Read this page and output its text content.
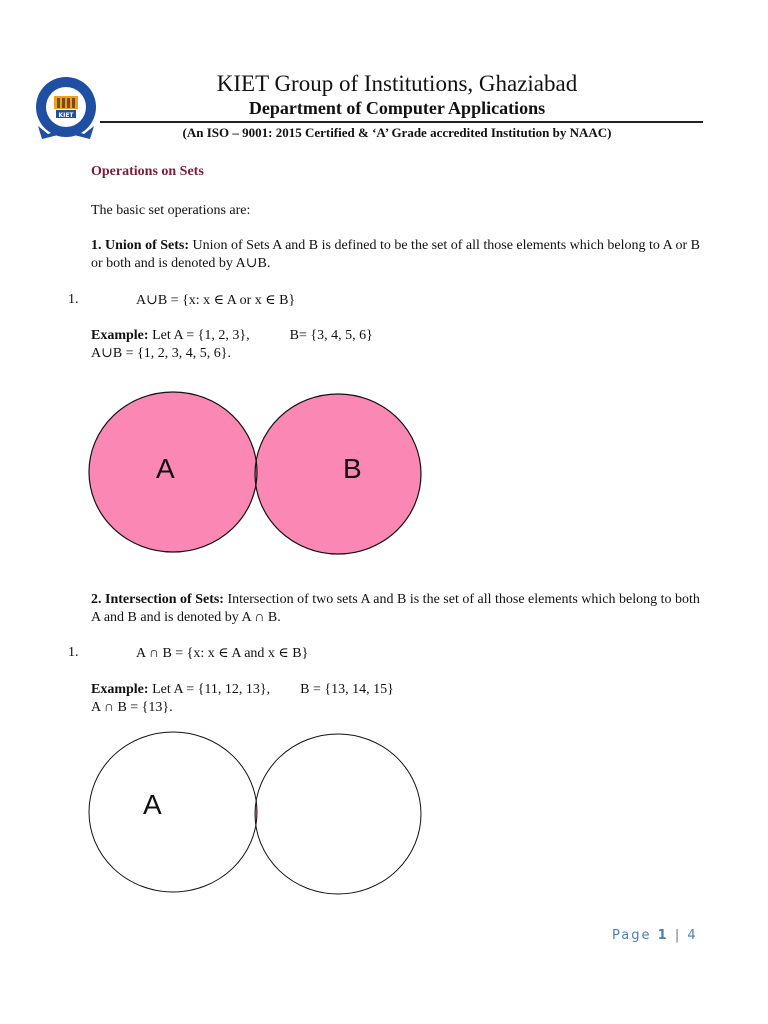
KIET
KIET Group of Institutions, Ghaziabad
Department of Computer Applications
(An ISO – 9001: 2015 Certified & ‘A’ Grade accredited Institution by NAAC)
Operations on Sets
The basic set operations are:
1. Union of Sets: Union of Sets A and B is defined to be the set of all those elements which belong to A or B or both and is denoted by A∪B.
1.	A∪B = {x: x ∈ A or x ∈ B}
Example: Let A = {1, 2, 3},	B= {3, 4, 5, 6}
A∪B = {1, 2, 3, 4, 5, 6}.
A	B
2. Intersection of Sets: Intersection of two sets A and B is the set of all those elements which belong to both A and B and is denoted by A ∩ B.
1.	A ∩ B = {x: x ∈ A and x ∈ B}
Example: Let A = {11, 12, 13}, B = {13, 14, 15}
A ∩ B = {13}.
A
Page 1 | 4
